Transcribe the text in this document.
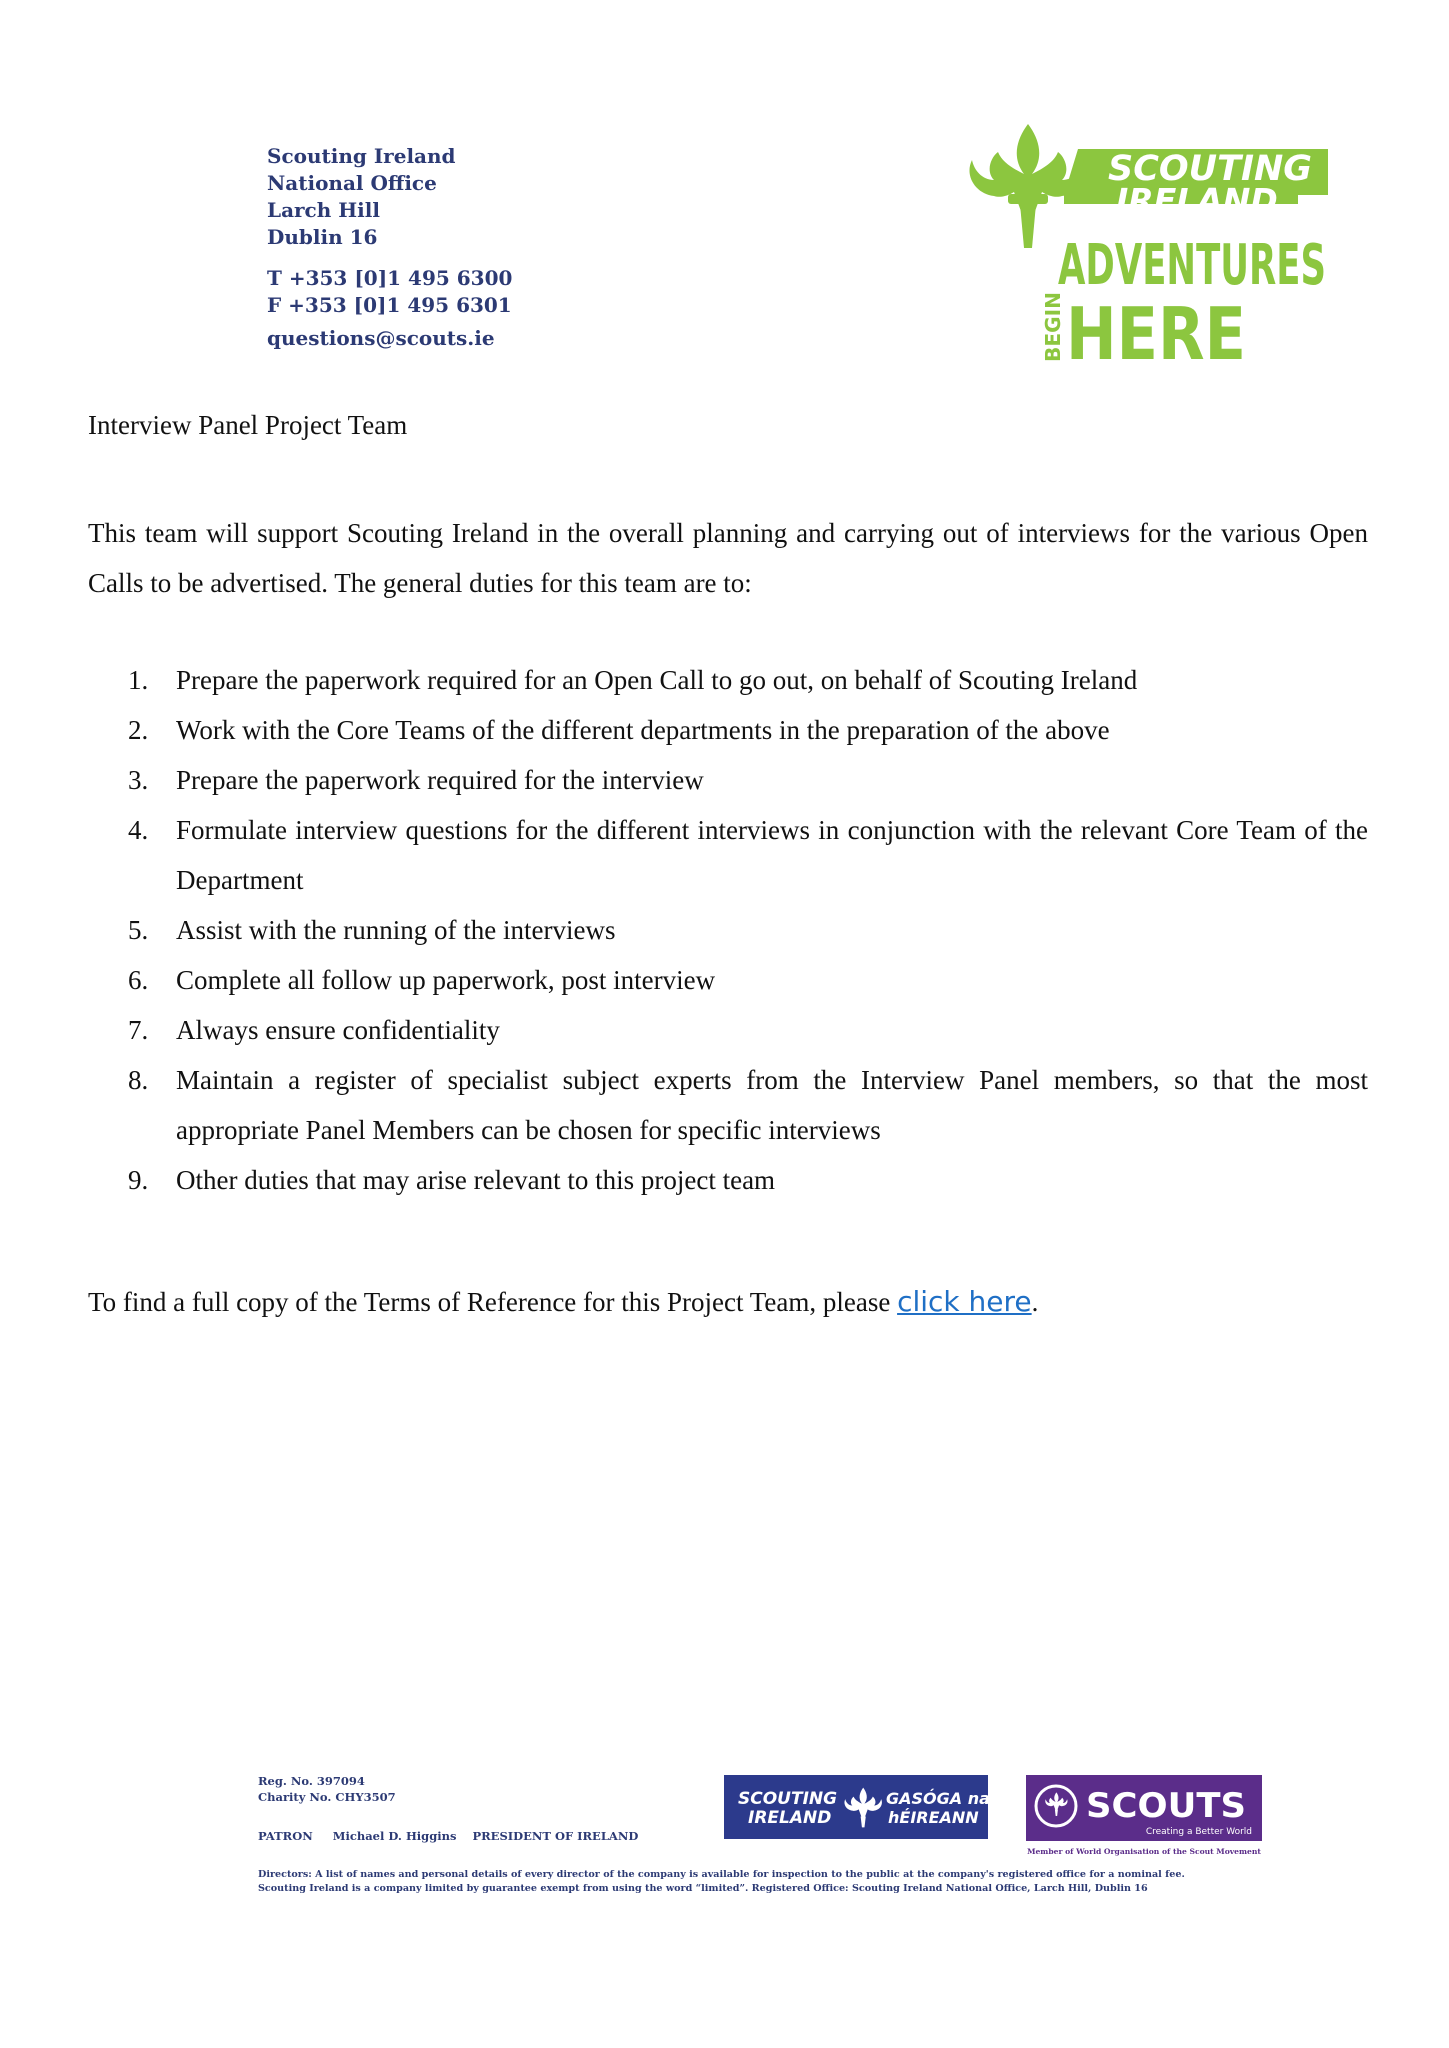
Scouting Ireland
National Office
Larch Hill
Dublin 16
T +353 [0]1 495 6300
F +353 [0]1 495 6301
questions@scouts.ie
SCOUTING
IRELAND
ADVENTURES
HERE
BEGIN
Interview Panel Project Team
This team will support Scouting Ireland in the overall planning and carrying out of interviews for the various Open Calls to be advertised. The general duties for this team are to:
1. Prepare the paperwork required for an Open Call to go out, on behalf of Scouting Ireland
2. Work with the Core Teams of the different departments in the preparation of the above
3. Prepare the paperwork required for the interview
4. Formulate interview questions for the different interviews in conjunction with the relevant Core Team of the Department
5. Assist with the running of the interviews
6. Complete all follow up paperwork, post interview
7. Always ensure confidentiality
8. Maintain a register of specialist subject experts from the Interview Panel members, so that the most appropriate Panel Members can be chosen for specific interviews
9. Other duties that may arise relevant to this project team
To find a full copy of the Terms of Reference for this Project Team, please click here.
Reg. No. 397094
Charity No. CHY3507
PATRON     Michael D. Higgins    PRESIDENT OF IRELAND
SCOUTING
IRELAND
GASÓGA na
hÉIREANN	SCOUTS
Creating a Better World
Member of World Organisation of the Scout Movement
Directors: A list of names and personal details of every director of the company is available for inspection to the public at the company's registered office for a nominal fee.
Scouting Ireland is a company limited by guarantee exempt from using the word “limited”. Registered Office: Scouting Ireland National Office, Larch Hill, Dublin 16
